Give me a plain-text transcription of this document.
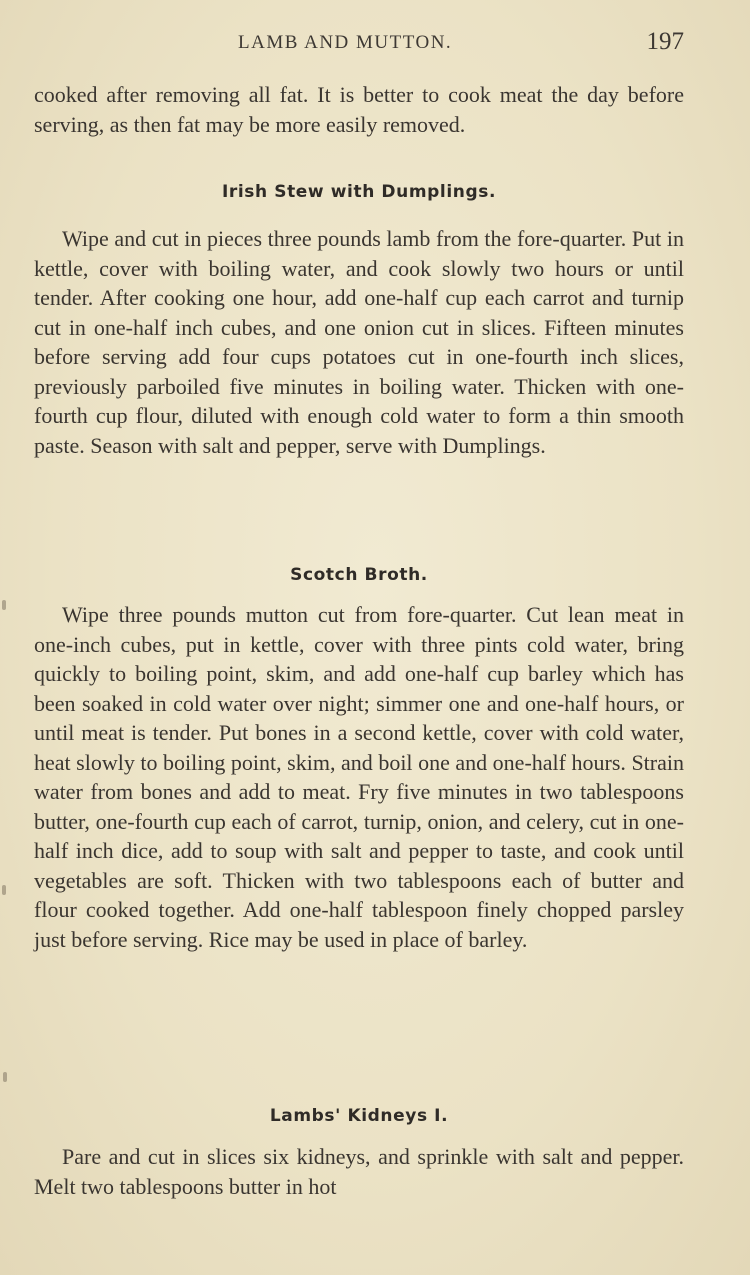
LAMB AND MUTTON.	197

cooked after removing all fat. It is better to cook meat the day before serving, as then fat may be more easily removed.

Irish Stew with Dumplings.

Wipe and cut in pieces three pounds lamb from the fore-quarter. Put in kettle, cover with boiling water, and cook slowly two hours or until tender. After cooking one hour, add one-half cup each carrot and turnip cut in one-half inch cubes, and one onion cut in slices. Fifteen minutes before serving add four cups potatoes cut in one-fourth inch slices, previously parboiled five minutes in boiling water. Thicken with one-fourth cup flour, diluted with enough cold water to form a thin smooth paste. Season with salt and pepper, serve with Dumplings.

Scotch Broth.

Wipe three pounds mutton cut from fore-quarter. Cut lean meat in one-inch cubes, put in kettle, cover with three pints cold water, bring quickly to boiling point, skim, and add one-half cup barley which has been soaked in cold water over night; simmer one and one-half hours, or until meat is tender. Put bones in a second kettle, cover with cold water, heat slowly to boiling point, skim, and boil one and one-half hours. Strain water from bones and add to meat. Fry five minutes in two tablespoons butter, one-fourth cup each of carrot, turnip, onion, and celery, cut in one-half inch dice, add to soup with salt and pepper to taste, and cook until vegetables are soft. Thicken with two tablespoons each of butter and flour cooked together. Add one-half tablespoon finely chopped parsley just before serving. Rice may be used in place of barley.

Lambs' Kidneys I.

Pare and cut in slices six kidneys, and sprinkle with salt and pepper. Melt two tablespoons butter in hot
